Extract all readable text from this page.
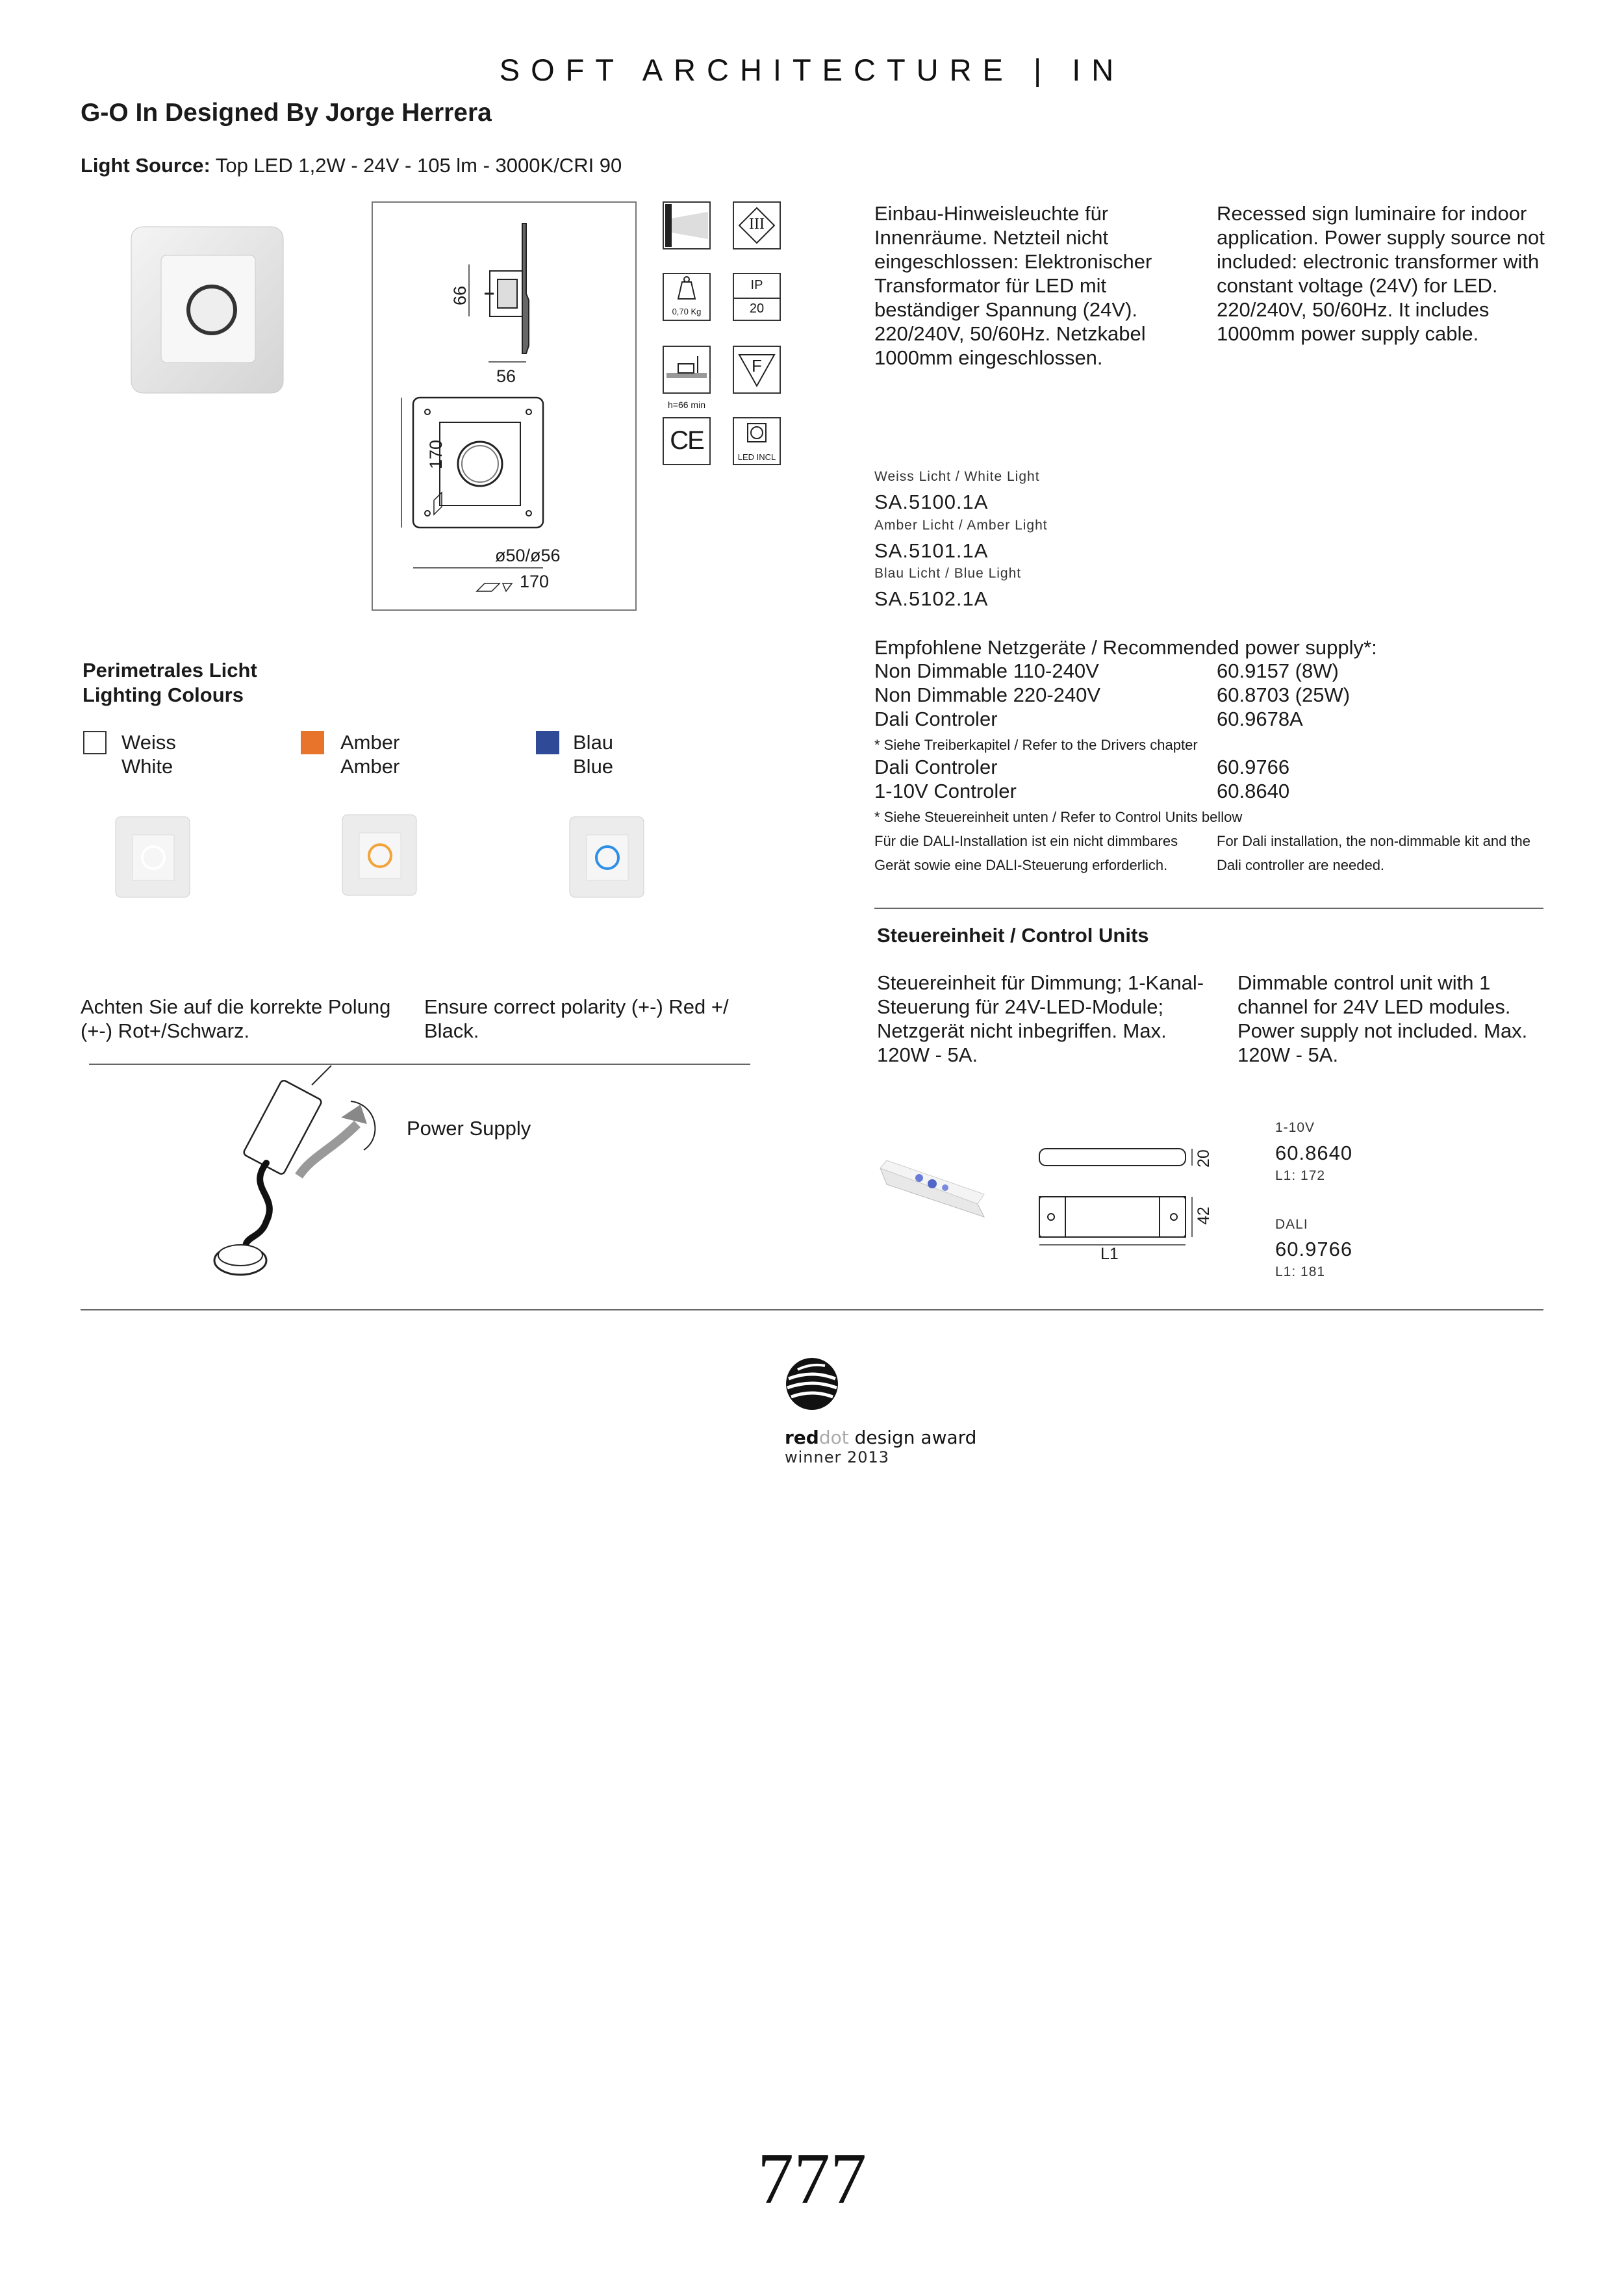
SOFT ARCHITECTURE | IN
G-O In Designed By Jorge Herrera
Light Source: Top LED 1,2W - 24V - 105 lm - 3000K/CRI 90
66
56
170
ø50/ø56
170
III
0,70 Kg
IP
20
h=66 min
F
CE
LED INCL
Einbau-Hinweisleuchte für Innenräume. Netzteil nicht eingeschlossen: Elektronischer Transformator für LED mit beständiger Spannung (24V). 220/240V, 50/60Hz. Netzkabel 1000mm eingeschlossen.
Recessed sign luminaire for indoor application. Power supply source not included: electronic transformer with constant voltage (24V) for LED. 220/240V, 50/60Hz. It includes 1000mm power supply cable.
Weiss Licht / White Light
SA.5100.1A
Amber Licht / Amber Light
SA.5101.1A
Blau Licht / Blue Light
SA.5102.1A
Empfohlene Netzgeräte / Recommended power supply*:
Non Dimmable 110-240V	60.9157 (8W)
Non Dimmable 220-240V	60.8703 (25W)
Dali Controler	60.9678A
* Siehe Treiberkapitel / Refer to the Drivers chapter
Dali Controler	60.9766
1-10V Controler	60.8640
* Siehe Steuereinheit unten / Refer to Control Units bellow
Für die DALI-Installation ist ein nicht dimmbares Gerät sowie eine DALI-Steuerung erforderlich.
For Dali installation, the non-dimmable kit and the Dali controller are needed.
Perimetrales Licht
Lighting Colours
Weiss
White
Amber
Amber
Blau
Blue
Achten Sie auf die korrekte Polung (+-) Rot+/Schwarz.
Ensure correct polarity (+-) Red +/ Black.
Power Supply
Steuereinheit / Control Units
Steuereinheit für Dimmung; 1-Kanal-Steuerung für 24V-LED-Module; Netzgerät nicht inbegriffen. Max. 120W - 5A.
Dimmable control unit with 1 channel for 24V LED modules. Power supply not included. Max. 120W - 5A.
20
42
L1
1-10V
60.8640
L1: 172
DALI
60.9766
L1: 181
reddot design award
winner 2013
777
